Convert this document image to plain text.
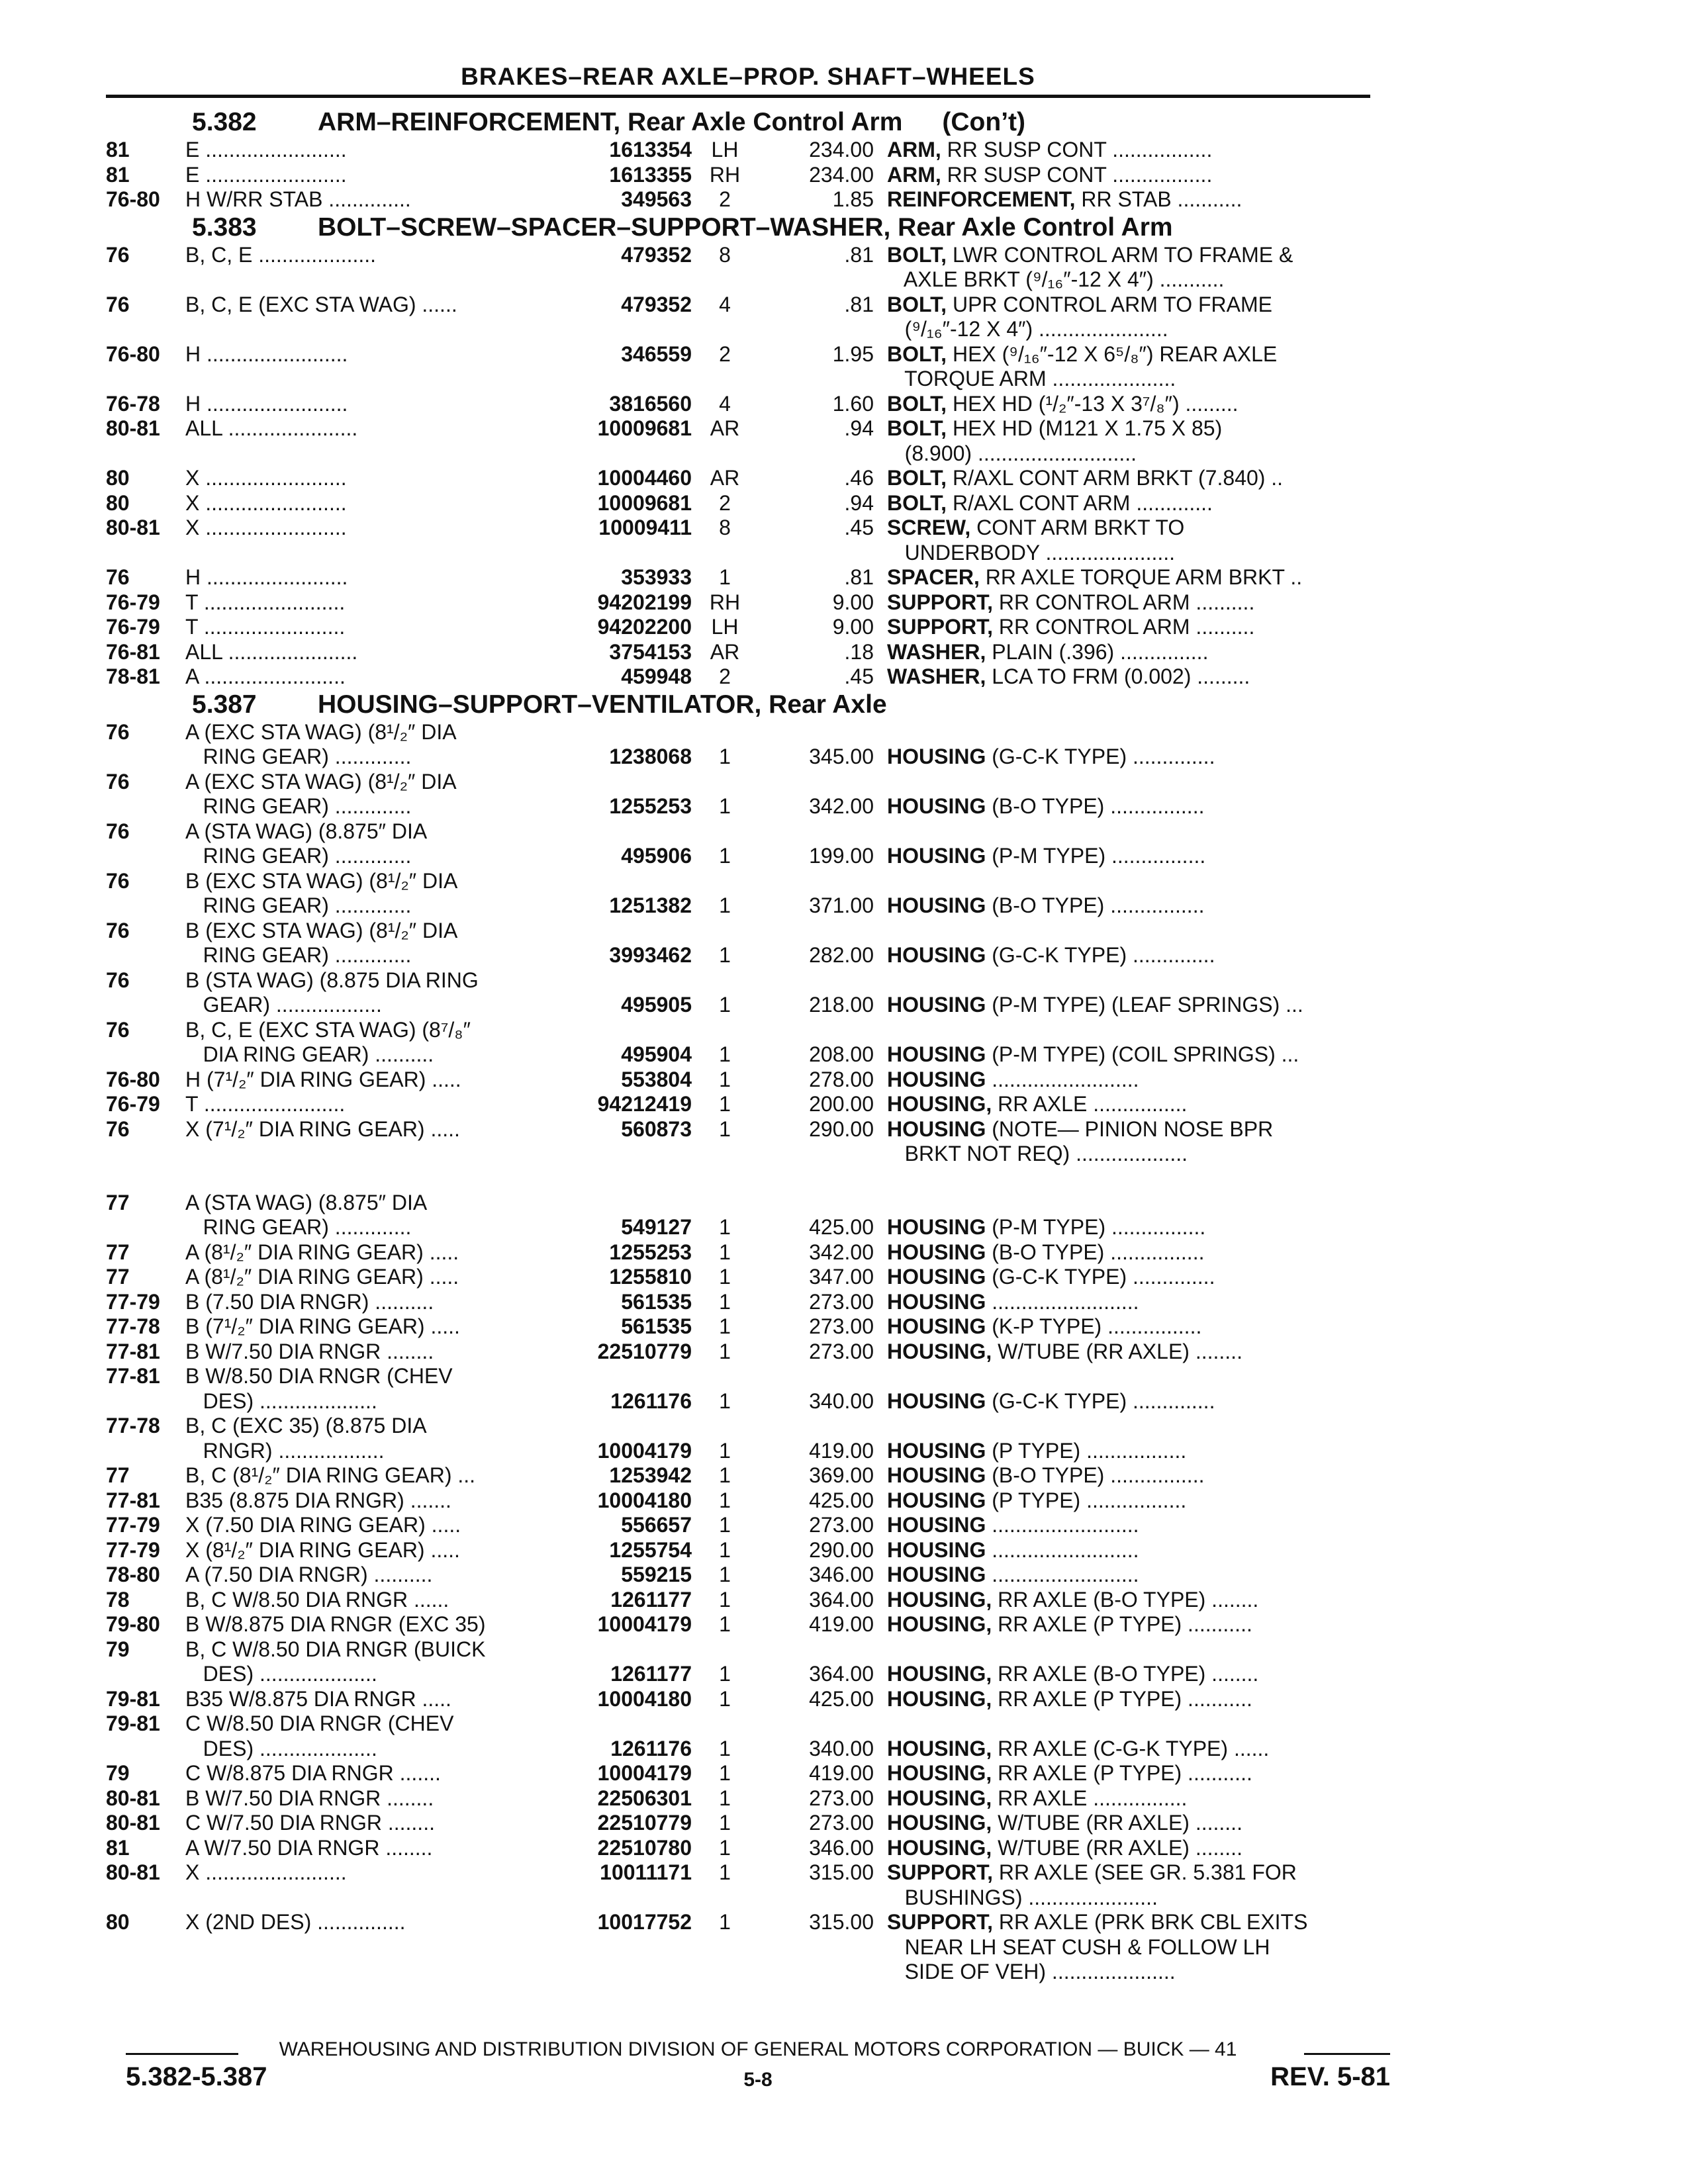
BRAKES–REAR AXLE–PROP. SHAFT–WHEELS
5.382 ARM–REINFORCEMENT, Rear Axle Control Arm (Con’t)
81	E ........................	1613354 LH	234.00 ARM, RR SUSP CONT .................
81	E ........................	1613355 RH	234.00 ARM, RR SUSP CONT .................
76-80	H W/RR STAB ..............	349563	2	1.85 REINFORCEMENT, RR STAB ...........
5.383 BOLT–SCREW–SPACER–SUPPORT–WASHER, Rear Axle Control Arm
76	B, C, E ....................	479352	8	.81 BOLT, LWR CONTROL ARM TO FRAME &
AXLE BRKT (⁹/₁₆″-12 X 4″) ...........
76	B, C, E (EXC STA WAG) ......	479352	4	.81 BOLT, UPR CONTROL ARM TO FRAME
(⁹/₁₆″-12 X 4″) ......................
76-80	H ........................	346559	2	1.95 BOLT, HEX (⁹/₁₆″-12 X 6⁵/₈″) REAR AXLE
TORQUE ARM .....................
76-78	H ........................	3816560	4	1.60 BOLT, HEX HD (¹/₂″-13 X 3⁷/₈″) .........
80-81	ALL ......................	10009681 AR	.94 BOLT, HEX HD (M121 X 1.75 X 85)
(8.900) ...........................
80	X ........................	10004460 AR	.46 BOLT, R/AXL CONT ARM BRKT (7.840) ..
80	X ........................	10009681	2	.94 BOLT, R/AXL CONT ARM .............
80-81	X ........................	10009411	8	.45 SCREW, CONT ARM BRKT TO
UNDERBODY ......................
76	H ........................	353933	1	.81 SPACER, RR AXLE TORQUE ARM BRKT ..
76-79	T ........................	94202199 RH	9.00 SUPPORT, RR CONTROL ARM ..........
76-79	T ........................	94202200 LH	9.00 SUPPORT, RR CONTROL ARM ..........
76-81	ALL ......................	3754153 AR	.18 WASHER, PLAIN (.396) ...............
78-81	A ........................	459948	2	.45 WASHER, LCA TO FRM (0.002) .........
5.387 HOUSING–SUPPORT–VENTILATOR, Rear Axle
76	A (EXC STA WAG) (8¹/₂″ DIA
RING GEAR) .............	1238068	1	345.00 HOUSING (G-C-K TYPE) ..............
76	A (EXC STA WAG) (8¹/₂″ DIA
RING GEAR) .............	1255253	1	342.00 HOUSING (B-O TYPE) ................
76	A (STA WAG) (8.875″ DIA
RING GEAR) .............	495906	1	199.00 HOUSING (P-M TYPE) ................
76	B (EXC STA WAG) (8¹/₂″ DIA
RING GEAR) .............	1251382	1	371.00 HOUSING (B-O TYPE) ................
76	B (EXC STA WAG) (8¹/₂″ DIA
RING GEAR) .............	3993462	1	282.00 HOUSING (G-C-K TYPE) ..............
76	B (STA WAG) (8.875 DIA RING
GEAR) ..................	495905	1	218.00 HOUSING (P-M TYPE) (LEAF SPRINGS) ...
76	B, C, E (EXC STA WAG) (8⁷/₈″
DIA RING GEAR) ..........	495904	1	208.00 HOUSING (P-M TYPE) (COIL SPRINGS) ...
76-80	H (7¹/₂″ DIA RING GEAR) .....	553804	1	278.00 HOUSING .........................
76-79	T ........................	94212419	1	200.00 HOUSING, RR AXLE ................
76	X (7¹/₂″ DIA RING GEAR) .....	560873	1	290.00 HOUSING (NOTE— PINION NOSE BPR
BRKT NOT REQ) ...................
77	A (STA WAG) (8.875″ DIA
RING GEAR) .............	549127	1	425.00 HOUSING (P-M TYPE) ................
77	A (8¹/₂″ DIA RING GEAR) .....	1255253	1	342.00 HOUSING (B-O TYPE) ................
77	A (8¹/₂″ DIA RING GEAR) .....	1255810	1	347.00 HOUSING (G-C-K TYPE) ..............
77-79	B (7.50 DIA RNGR) ..........	561535	1	273.00 HOUSING .........................
77-78	B (7¹/₂″ DIA RING GEAR) .....	561535	1	273.00 HOUSING (K-P TYPE) ................
77-81	B W/7.50 DIA RNGR ........	22510779	1	273.00 HOUSING, W/TUBE (RR AXLE) ........
77-81	B W/8.50 DIA RNGR (CHEV
DES) ....................	1261176	1	340.00 HOUSING (G-C-K TYPE) ..............
77-78	B, C (EXC 35) (8.875 DIA
RNGR) ..................	10004179	1	419.00 HOUSING (P TYPE) .................
77	B, C (8¹/₂″ DIA RING GEAR) ...	1253942	1	369.00 HOUSING (B-O TYPE) ................
77-81	B35 (8.875 DIA RNGR) .......	10004180	1	425.00 HOUSING (P TYPE) .................
77-79	X (7.50 DIA RING GEAR) .....	556657	1	273.00 HOUSING .........................
77-79	X (8¹/₂″ DIA RING GEAR) .....	1255754	1	290.00 HOUSING .........................
78-80	A (7.50 DIA RNGR) ..........	559215	1	346.00 HOUSING .........................
78	B, C W/8.50 DIA RNGR ......	1261177	1	364.00 HOUSING, RR AXLE (B-O TYPE) ........
79-80	B W/8.875 DIA RNGR (EXC 35)	10004179	1	419.00 HOUSING, RR AXLE (P TYPE) ...........
79	B, C W/8.50 DIA RNGR (BUICK
DES) ....................	1261177	1	364.00 HOUSING, RR AXLE (B-O TYPE) ........
79-81	B35 W/8.875 DIA RNGR .....	10004180	1	425.00 HOUSING, RR AXLE (P TYPE) ...........
79-81	C W/8.50 DIA RNGR (CHEV
DES) ....................	1261176	1	340.00 HOUSING, RR AXLE (C-G-K TYPE) ......
79	C W/8.875 DIA RNGR .......	10004179	1	419.00 HOUSING, RR AXLE (P TYPE) ...........
80-81	B W/7.50 DIA RNGR ........	22506301	1	273.00 HOUSING, RR AXLE ................
80-81	C W/7.50 DIA RNGR ........	22510779	1	273.00 HOUSING, W/TUBE (RR AXLE) ........
81	A W/7.50 DIA RNGR ........	22510780	1	346.00 HOUSING, W/TUBE (RR AXLE) ........
80-81	X ........................	10011171	1	315.00 SUPPORT, RR AXLE (SEE GR. 5.381 FOR
BUSHINGS) ......................
80	X (2ND DES) ...............	10017752	1	315.00 SUPPORT, RR AXLE (PRK BRK CBL EXITS
NEAR LH SEAT CUSH & FOLLOW LH
SIDE OF VEH) .....................
WAREHOUSING AND DISTRIBUTION DIVISION OF GENERAL MOTORS CORPORATION — BUICK — 41
5.382-5.387	5-8	REV. 5-81
